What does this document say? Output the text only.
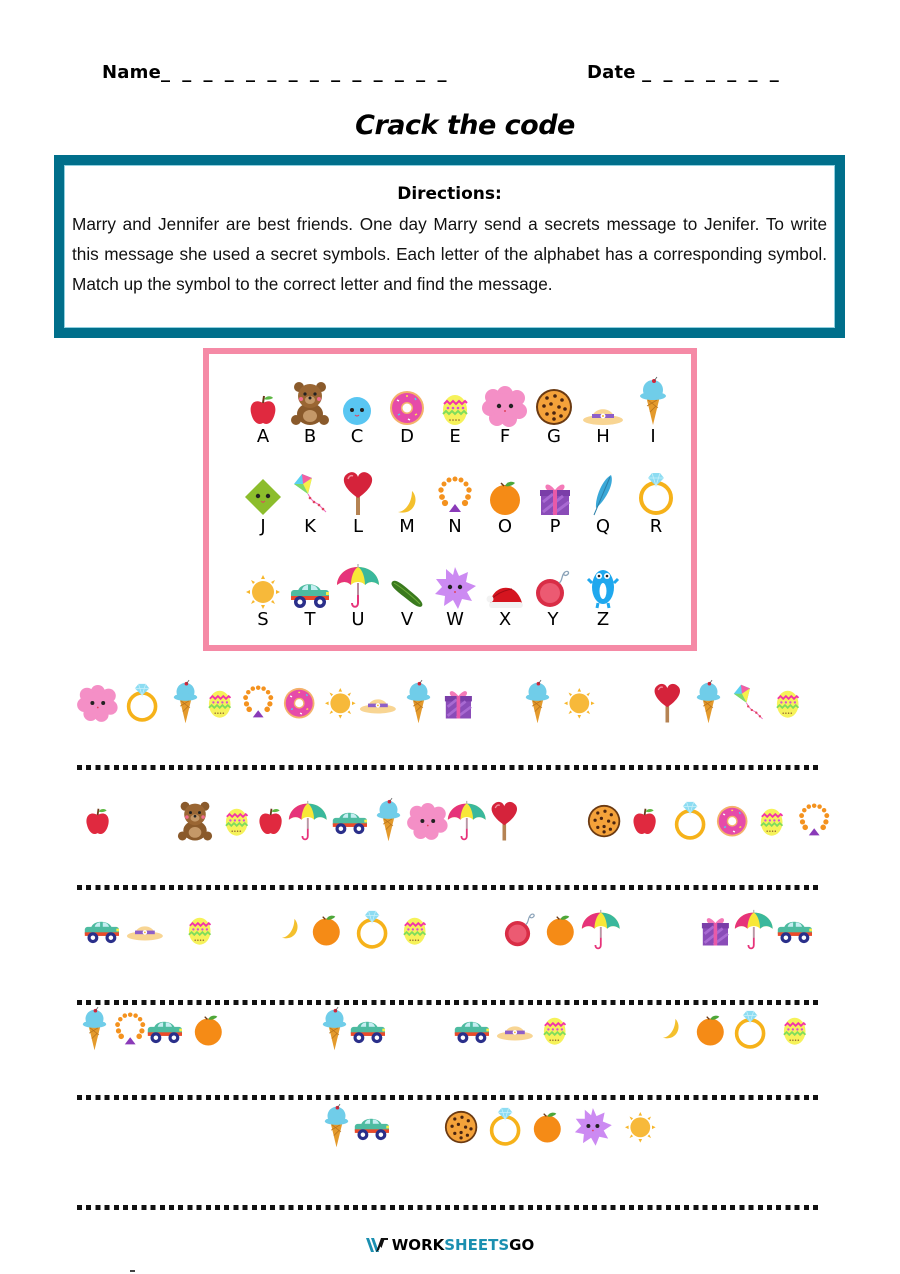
Name_ _ _ _ _ _ _ _ _ _ _ _ _ _	Date _ _ _ _ _ _ _
Crack the code
Directions:
Marry and Jennifer are best friends. One day Marry send a secrets message to Jenifer. To write this message she used a secret symbols. Each letter of the alphabet has a corresponding symbol. Match up the symbol to the correct letter and find the message.
A	B	C	D	E	F	G	H	I
J	K	L	M	N	O	P	Q	R
S	T	U	V	W	X	Y	Z
WORKSHEETSGO
